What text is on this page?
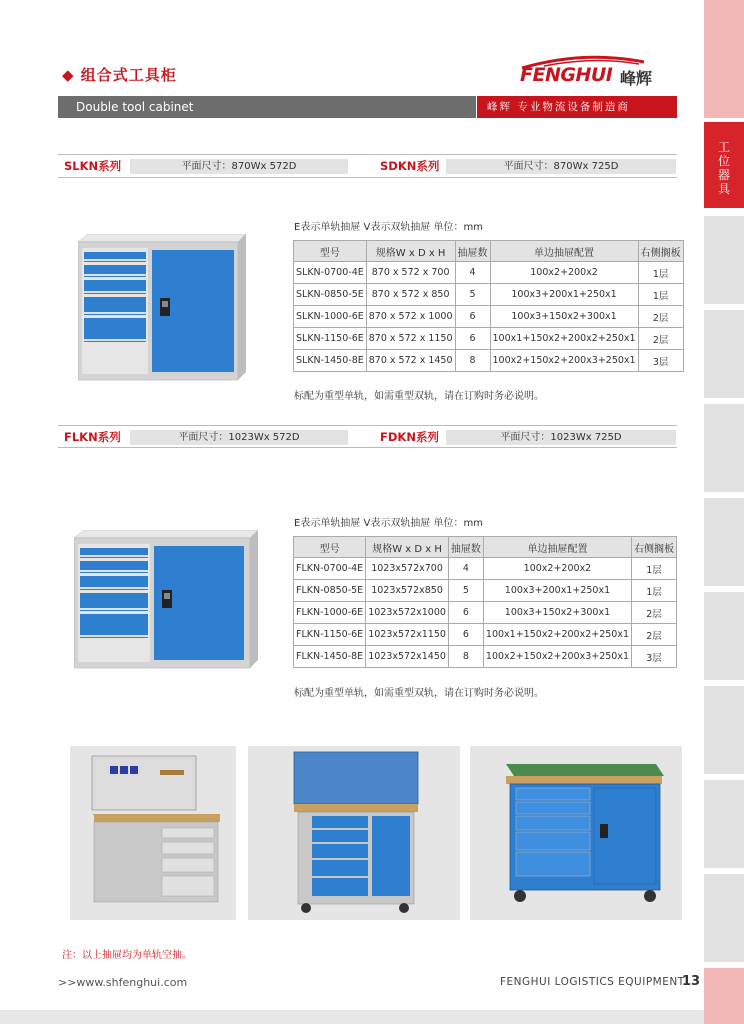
工
位
器
具
◆ 组合式工具柜	FENGHUI 峰辉
Double tool cabinet	峰辉 专业物流设备制造商
SLKN系列	平面尺寸：870Wx 572D	SDKN系列	平面尺寸：870Wx 725D
E表示单轨抽屉 V表示双轨抽屉 单位：mm
型号	规格W x D x H	抽屉数	单边抽屉配置	右侧搁板
SLKN-0700-4E	870 x 572 x 700	4	100x2+200x2	1层
SLKN-0850-5E	870 x 572 x 850	5	100x3+200x1+250x1	1层
SLKN-1000-6E	870 x 572 x 1000	6	100x3+150x2+300x1	2层
SLKN-1150-6E	870 x 572 x 1150	6	100x1+150x2+200x2+250x1	2层
SLKN-1450-8E	870 x 572 x 1450	8	100x2+150x2+200x3+250x1	3层
标配为重型单轨，如需重型双轨，请在订购时务必说明。
FLKN系列	平面尺寸：1023Wx 572D	FDKN系列	平面尺寸：1023Wx 725D
E表示单轨抽屉 V表示双轨抽屉 单位：mm
型号	规格W x D x H	抽屉数	单边抽屉配置	右侧搁板
FLKN-0700-4E	1023x572x700	4	100x2+200x2	1层
FLKN-0850-5E	1023x572x850	5	100x3+200x1+250x1	1层
FLKN-1000-6E	1023x572x1000	6	100x3+150x2+300x1	2层
FLKN-1150-6E	1023x572x1150	6	100x1+150x2+200x2+250x1	2层
FLKN-1450-8E	1023x572x1450	8	100x2+150x2+200x3+250x1	3层
标配为重型单轨，如需重型双轨，请在订购时务必说明。
注：以上抽屉均为单轨空抽。
>>www.shfenghui.com	FENGHUI LOGISTICS EQUIPMENT
13
